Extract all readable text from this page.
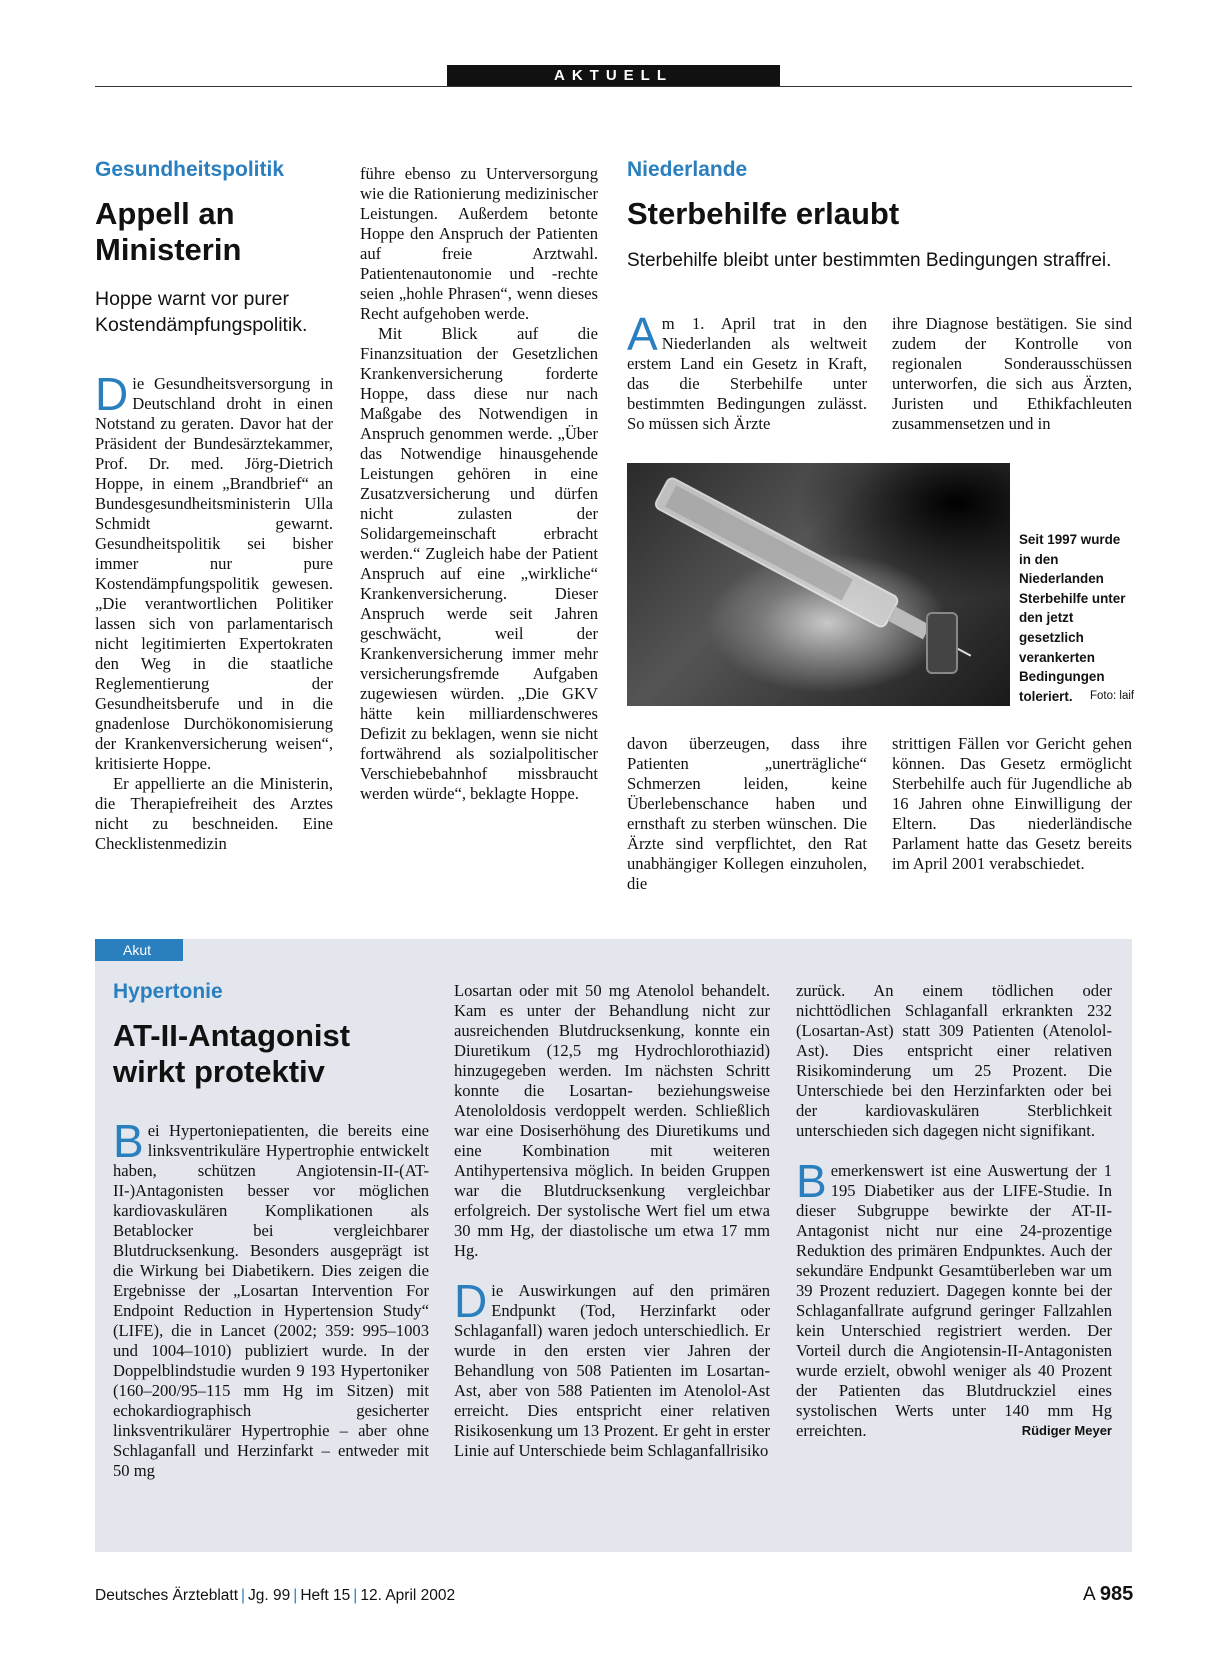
AKTUELL

Gesundheitspolitik

Appell an
Ministerin

Hoppe warnt vor purer
Kostendämpfungspolitik.

Die Gesundheitsversorgung in Deutschland droht in einen Notstand zu geraten. Davor hat der Präsident der Bundesärztekammer, Prof. Dr. med. Jörg-Dietrich Hoppe, in einem „Brandbrief“ an Bundesgesundheitsministerin Ulla Schmidt gewarnt. Gesundheitspolitik sei bisher immer nur pure Kostendämpfungspolitik gewesen. „Die verantwortlichen Politiker lassen sich von parlamentarisch nicht legitimierten Expertokraten den Weg in die staatliche Reglementierung der Gesundheitsberufe und in die gnadenlose Durchökonomisierung der Krankenversicherung weisen“, kritisierte Hoppe.

Er appellierte an die Ministerin, die Therapiefreiheit des Arztes nicht zu beschneiden. Eine Checklistenmedizin

führe ebenso zu Unterversorgung wie die Rationierung medizinischer Leistungen. Außerdem betonte Hoppe den Anspruch der Patienten auf freie Arztwahl. Patientenautonomie und -rechte seien „hohle Phrasen“, wenn dieses Recht aufgehoben werde.

Mit Blick auf die Finanzsituation der Gesetzlichen Krankenversicherung forderte Hoppe, dass diese nur nach Maßgabe des Notwendigen in Anspruch genommen werde. „Über das Notwendige hinausgehende Leistungen gehören in eine Zusatzversicherung und dürfen nicht zulasten der Solidargemeinschaft erbracht werden.“ Zugleich habe der Patient Anspruch auf eine „wirkliche“ Krankenversicherung. Dieser Anspruch werde seit Jahren geschwächt, weil der Krankenversicherung immer mehr versicherungsfremde Aufgaben zugewiesen würden. „Die GKV hätte kein milliardenschweres Defizit zu beklagen, wenn sie nicht fortwährend als sozialpolitischer Verschiebebahnhof missbraucht werden würde“, beklagte Hoppe.

Niederlande

Sterbehilfe erlaubt

Sterbehilfe bleibt unter bestimmten Bedingungen straffrei.

Am 1. April trat in den Niederlanden als weltweit erstem Land ein Gesetz in Kraft, das die Sterbehilfe unter bestimmten Bedingungen zulässt. So müssen sich Ärzte

ihre Diagnose bestätigen. Sie sind zudem der Kontrolle von regionalen Sonderausschüssen unterworfen, die sich aus Ärzten, Juristen und Ethikfachleuten zusammensetzen und in

Seit 1997 wurde in den Niederlanden Sterbehilfe unter den jetzt gesetzlich verankerten Bedingungen toleriert.	Foto: laif

davon überzeugen, dass ihre Patienten „unerträgliche“ Schmerzen leiden, keine Überlebenschance haben und ernsthaft zu sterben wünschen. Die Ärzte sind verpflichtet, den Rat unabhängiger Kollegen einzuholen, die

strittigen Fällen vor Gericht gehen können. Das Gesetz ermöglicht Sterbehilfe auch für Jugendliche ab 16 Jahren ohne Einwilligung der Eltern. Das niederländische Parlament hatte das Gesetz bereits im April 2001 verabschiedet.

Akut

Hypertonie

AT-II-Antagonist
wirkt protektiv

Bei Hypertoniepatienten, die bereits eine linksventrikuläre Hypertrophie entwickelt haben, schützen Angiotensin-II-(AT-II-)Antagonisten besser vor möglichen kardiovaskulären Komplikationen als Betablocker bei vergleichbarer Blutdrucksenkung. Besonders ausgeprägt ist die Wirkung bei Diabetikern. Dies zeigen die Ergebnisse der „Losartan Intervention For Endpoint Reduction in Hypertension Study“ (LIFE), die in Lancet (2002; 359: 995–1003 und 1004–1010) publiziert wurde. In der Doppelblindstudie wurden 9 193 Hypertoniker (160–200/95–115 mm Hg im Sitzen) mit echokardiographisch gesicherter linksventrikulärer Hypertrophie – aber ohne Schlaganfall und Herzinfarkt – entweder mit 50 mg

Losartan oder mit 50 mg Atenolol behandelt. Kam es unter der Behandlung nicht zur ausreichenden Blutdrucksenkung, konnte ein Diuretikum (12,5 mg Hydrochlorothiazid) hinzugegeben werden. Im nächsten Schritt konnte die Losartan- beziehungsweise Atenololdosis verdoppelt werden. Schließlich war eine Dosiserhöhung des Diuretikums und eine Kombination mit weiteren Antihypertensiva möglich. In beiden Gruppen war die Blutdrucksenkung vergleichbar erfolgreich. Der systolische Wert fiel um etwa 30 mm Hg, der diastolische um etwa 17 mm Hg.

Die Auswirkungen auf den primären Endpunkt (Tod, Herzinfarkt oder Schlaganfall) waren jedoch unterschiedlich. Er wurde in den ersten vier Jahren der Behandlung von 508 Patienten im Losartan-Ast, aber von 588 Patienten im Atenolol-Ast erreicht. Dies entspricht einer relativen Risikosenkung um 13 Prozent. Er geht in erster Linie auf Unterschiede beim Schlaganfallrisiko

zurück. An einem tödlichen oder nichttödlichen Schlaganfall erkrankten 232 (Losartan-Ast) statt 309 Patienten (Atenolol-Ast). Dies entspricht einer relativen Risikominderung um 25 Prozent. Die Unterschiede bei den Herzinfarkten oder bei der kardiovaskulären Sterblichkeit unterschieden sich dagegen nicht signifikant.

Bemerkenswert ist eine Auswertung der 1 195 Diabetiker aus der LIFE-Studie. In dieser Subgruppe bewirkte der AT-II-Antagonist nicht nur eine 24-prozentige Reduktion des primären Endpunktes. Auch der sekundäre Endpunkt Gesamtüberleben war um 39 Prozent reduziert. Dagegen konnte bei der Schlaganfallrate aufgrund geringer Fallzahlen kein Unterschied registriert werden. Der Vorteil durch die Angiotensin-II-Antagonisten wurde erzielt, obwohl weniger als 40 Prozent der Patienten das Blutdruckziel eines systolischen Werts unter 140 mm Hg erreichten.	Rüdiger Meyer

Deutsches Ärzteblatt | Jg. 99 | Heft 15 | 12. April 2002	A 985
